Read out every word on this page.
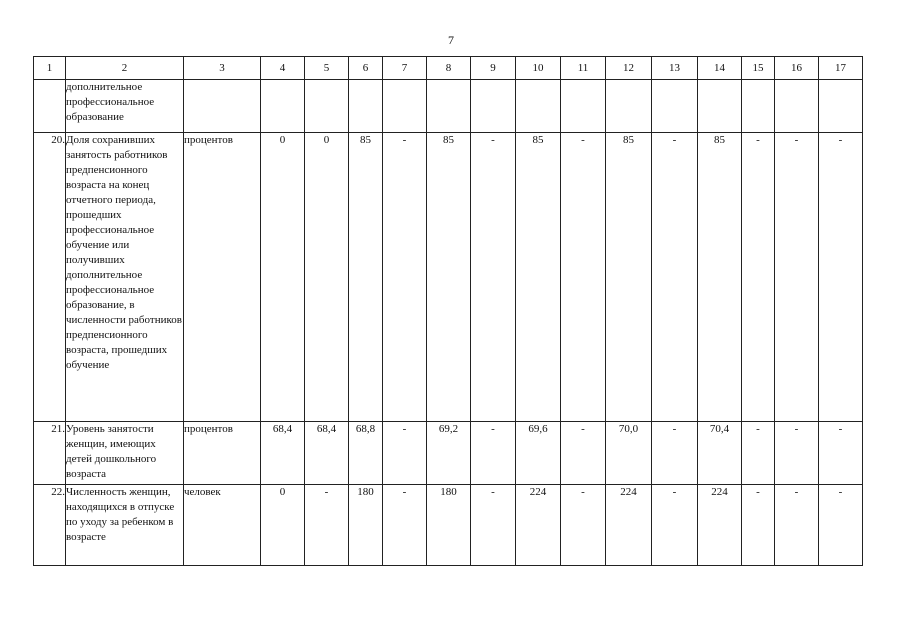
7
1	2	3	4	5	6	7	8	9	10	11	12	13	14	15	16	17
	дополнительное профессиональное образование															
20.	Доля сохранивших занятость работников предпенсионного возраста на конец отчетного периода, прошедших профессиональное обучение или получивших дополнительное профессиональное образование, в численности работников предпенсионного возраста, прошедших обучение	процентов	0	0	85	-	85	-	85	-	85	-	85	-	-	-
21.	Уровень занятости женщин, имеющих детей дошкольного возраста	процентов	68,4	68,4	68,8	-	69,2	-	69,6	-	70,0	-	70,4	-	-	-
22.	Численность женщин, находящихся в отпуске по уходу за ребенком в возрасте	человек	0	-	180	-	180	-	224	-	224	-	224	-	-	-
